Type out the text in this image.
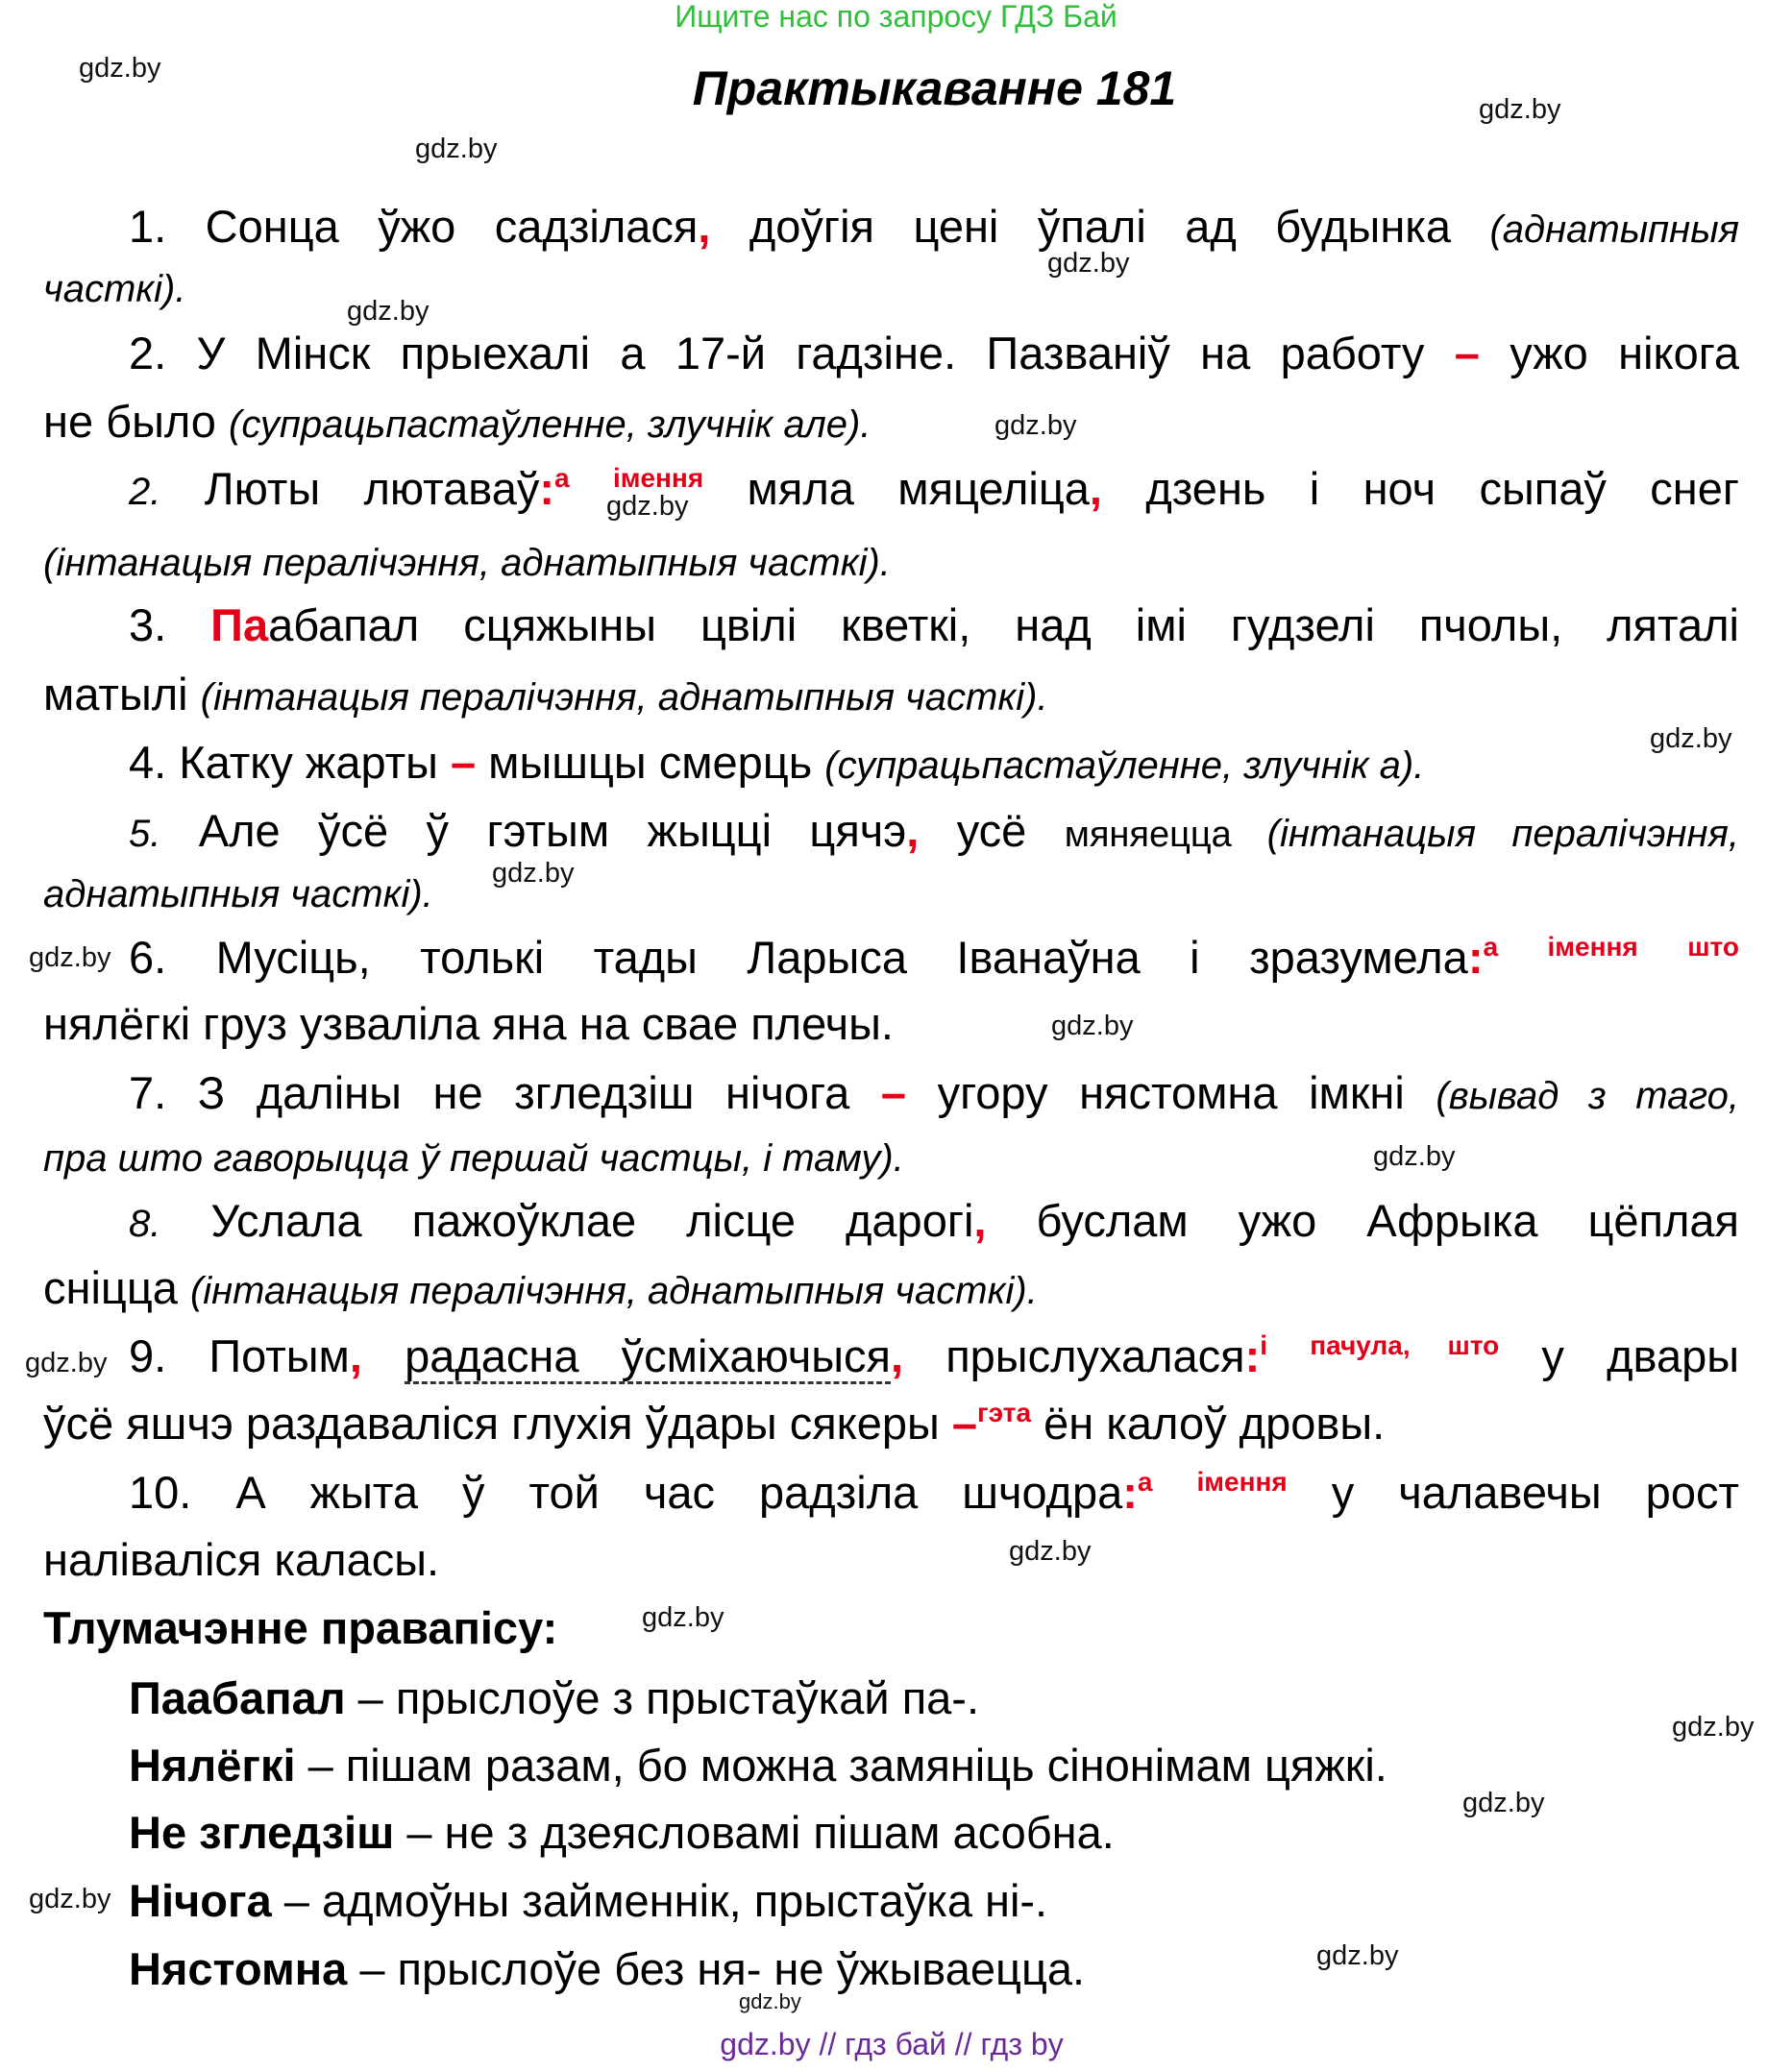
Ищите нас по запросу ГДЗ Бай
Практыкаванне 181
1. Сонца ўжо садзілася, доўгія цені ўпалі ад будынка (аднатыпныя
часткі).
2. У Мінск прыехалі а 17-й гадзіне. Пазваніў на работу – ужо нікога
не было (супрацьпастаўленне, злучнік але).
2. Люты лютаваў:$^а$ $^{імення}$ мяла мяцеліца, дзень і ноч сыпаў снег
(інтанацыя пералічэння, аднатыпныя часткі).
3. Паабапал сцяжыны цвілі кветкі, над імі гудзелі пчолы, ляталі
матылі (інтанацыя пералічэння, аднатыпныя часткі).
4. Катку жарты – мышцы смерць (супрацьпастаўленне, злучнік а).
5. Але ўсё ў гэтым жыцці цячэ, усё мяняецца (інтанацыя пералічэння,
аднатыпныя часткі).
6. Мусіць, толькі тады Ларыса Іванаўна і зразумела:$^а$ $^{імення}$ $^{што}$
нялёгкі груз узваліла яна на свае плечы.
7. З даліны не згледзіш нічога – угору нястомна імкні (вывад з таго,
пра што гаворыцца ў першай частцы, і таму).
8. Услала пажоўклае лісце дарогі, буслам ужо Афрыка цёплая
сніцца (інтанацыя пералічэння, аднатыпныя часткі).
9. Потым, радасна ўсміхаючыся, прыслухалася:$^і$ $^{пачула, што}$ у двары
ўсё яшчэ раздаваліся глухія ўдары сякеры –$^{гэта}$ ён калоў дровы.
10. А жыта ў той час радзіла шчодра:$^а$ $^{імення}$ у чалавечы рост
наліваліся каласы.
Тлумачэнне правапісу:
Паабапал – прыслоўе з прыстаўкай па-.
Нялёгкі – пішам разам, бо можна замяніць сінонімам цяжкі.
Не згледзіш – не з дзеясловамі пішам асобна.
Нічога – адмоўны займеннік, прыстаўка ні-.
Нястомна – прыслоўе без ня- не ўжываецца.
gdz.by
gdz.by
gdz.by
gdz.by
gdz.by
gdz.by
gdz.by
gdz.by
gdz.by
gdz.by
gdz.by
gdz.by
gdz.by
gdz.by
gdz.by
gdz.by
gdz.by
gdz.by
gdz.by
gdz.by
gdz.by // гдз бай // гдз by
